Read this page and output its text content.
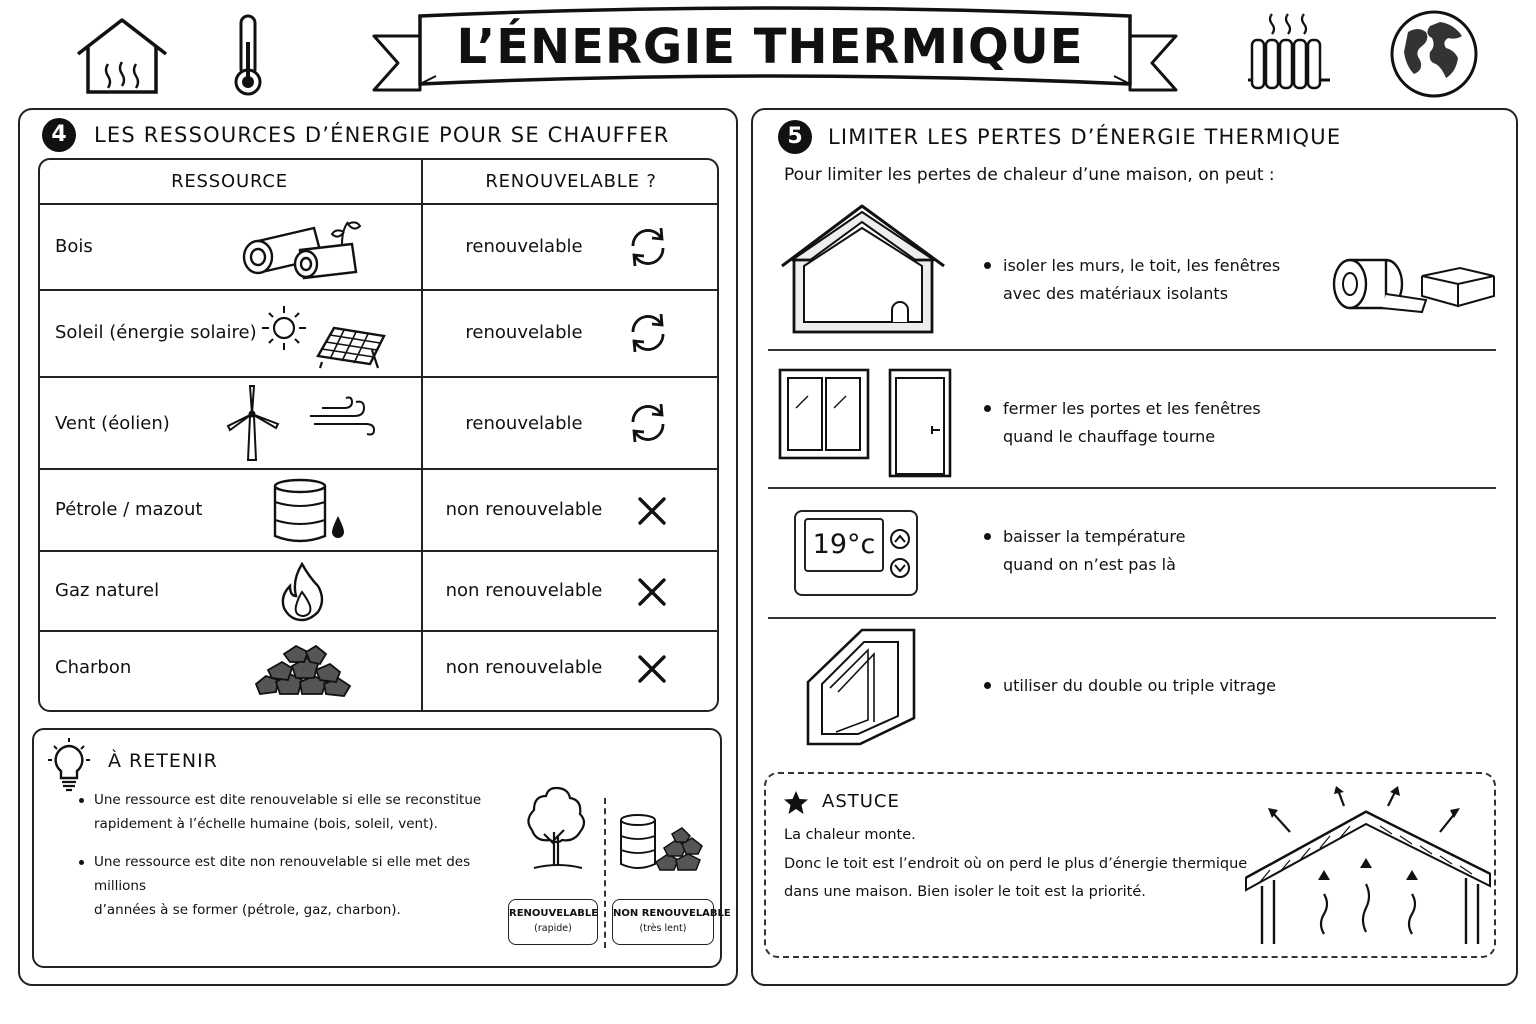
L’ÉNERGIE THERMIQUE
4	LES RESSOURCES D’ÉNERGIE POUR SE CHAUFFER
RESSOURCE	RENOUVELABLE ?
Bois	renouvelable
Soleil (énergie solaire)	renouvelable
Vent (éolien)	renouvelable
Pétrole / mazout	non renouvelable
Gaz naturel	non renouvelable
Charbon	non renouvelable
À RETENIR
Une ressource est dite renouvelable si elle se reconstitue
rapidement à l’échelle humaine (bois, soleil, vent).
Une ressource est dite non renouvelable si elle met des millions
d’années à se former (pétrole, gaz, charbon).	RENOUVELABLE
(rapide)
NON RENOUVELABLE
(très lent)
5	LIMITER LES PERTES D’ÉNERGIE THERMIQUE
Pour limiter les pertes de chaleur d’une maison, on peut :
isoler les murs, le toit, les fenêtres
avec des matériaux isolants
fermer les portes et les fenêtres
quand le chauffage tourne
19°c	baisser la température
quand on n’est pas là
utiliser du double ou triple vitrage
ASTUCE
La chaleur monte.
Donc le toit est l’endroit où on perd le plus d’énergie thermique
dans une maison. Bien isoler le toit est la priorité.
